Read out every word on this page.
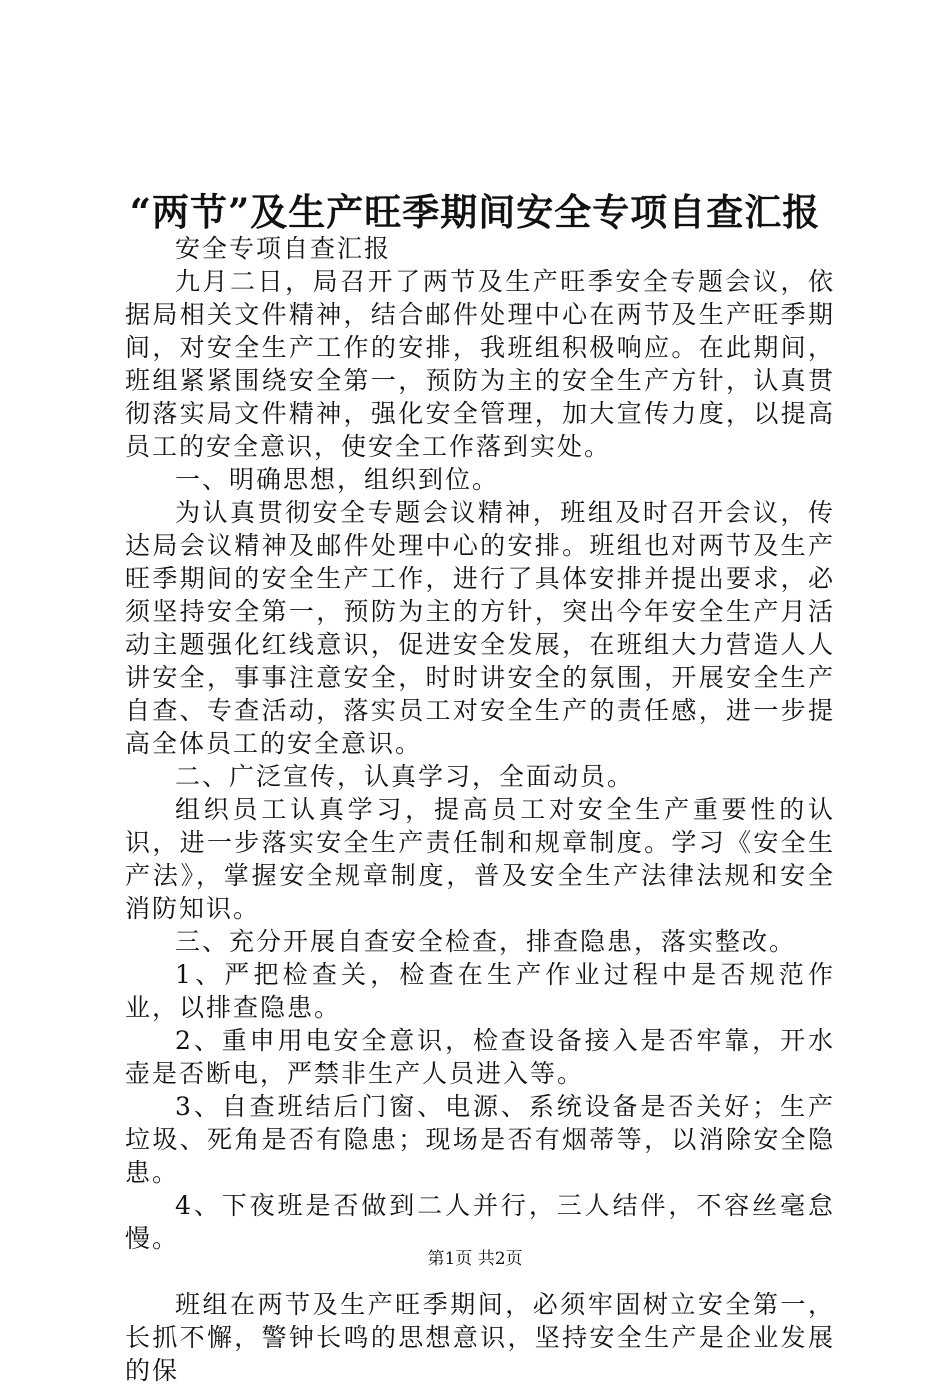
“两节”及生产旺季期间安全专项自查汇报

安全专项自查汇报

九月二日，局召开了两节及生产旺季安全专题会议，依据局相关文件精神，结合邮件处理中心在两节及生产旺季期间，对安全生产工作的安排，我班组积极响应。在此期间，班组紧紧围绕安全第一，预防为主的安全生产方针，认真贯彻落实局文件精神，强化安全管理，加大宣传力度，以提高员工的安全意识，使安全工作落到实处。

一、明确思想，组织到位。

为认真贯彻安全专题会议精神，班组及时召开会议，传达局会议精神及邮件处理中心的安排。班组也对两节及生产旺季期间的安全生产工作，进行了具体安排并提出要求，必须坚持安全第一，预防为主的方针，突出今年安全生产月活动主题强化红线意识，促进安全发展，在班组大力营造人人讲安全，事事注意安全，时时讲安全的氛围，开展安全生产自查、专查活动，落实员工对安全生产的责任感，进一步提高全体员工的安全意识。

二、广泛宣传，认真学习，全面动员。

组织员工认真学习，提高员工对安全生产重要性的认识，进一步落实安全生产责任制和规章制度。学习《安全生产法》，掌握安全规章制度，普及安全生产法律法规和安全消防知识。

三、充分开展自查安全检查，排查隐患，落实整改。

1、严把检查关，检查在生产作业过程中是否规范作业，以排查隐患。

2、重申用电安全意识，检查设备接入是否牢靠，开水壶是否断电，严禁非生产人员进入等。

3、自查班结后门窗、电源、系统设备是否关好；生产垃圾、死角是否有隐患；现场是否有烟蒂等，以消除安全隐患。

4、下夜班是否做到二人并行，三人结伴，不容丝毫怠慢。

班组在两节及生产旺季期间，必须牢固树立安全第一，长抓不懈，警钟长鸣的思想意识，坚持安全生产是企业发展的保

第1页 共2页
